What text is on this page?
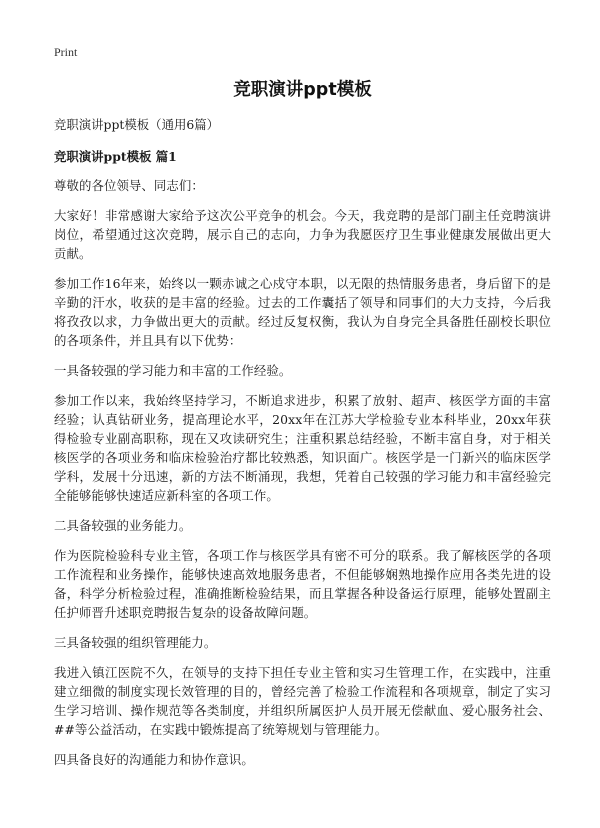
Print
竞职演讲ppt模板
竞职演讲ppt模板（通用6篇）
竞职演讲ppt模板 篇1

尊敬的各位领导、同志们：

大家好！非常感谢大家给予这次公平竞争的机会。今天，我竞聘的是部门副主任竞聘演讲岗位，希望通过这次竞聘，展示自己的志向，力争为我愿医疗卫生事业健康发展做出更大贡献。

参加工作16年来，始终以一颗赤诚之心戍守本职，以无限的热情服务患者，身后留下的是辛勤的汗水，收获的是丰富的经验。过去的工作囊括了领导和同事们的大力支持，今后我将孜孜以求，力争做出更大的贡献。经过反复权衡，我认为自身完全具备胜任副校长职位的各项条件，并且具有以下优势：

一具备较强的学习能力和丰富的工作经验。

参加工作以来，我始终坚持学习，不断追求进步，积累了放射、超声、核医学方面的丰富经验；认真钻研业务，提高理论水平，20xx年在江苏大学检验专业本科毕业，20xx年获得检验专业副高职称，现在又攻读研究生；注重积累总结经验，不断丰富自身，对于相关核医学的各项业务和临床检验治疗都比较熟悉，知识面广。核医学是一门新兴的临床医学学科，发展十分迅速，新的方法不断涌现，我想，凭着自己较强的学习能力和丰富经验完全能够能够快速适应新科室的各项工作。

二具备较强的业务能力。

作为医院检验科专业主管，各项工作与核医学具有密不可分的联系。我了解核医学的各项工作流程和业务操作，能够快速高效地服务患者，不但能够娴熟地操作应用各类先进的设备，科学分析检验过程，准确推断检验结果，而且掌握各种设备运行原理，能够处置副主任护师晋升述职竞聘报告复杂的设备故障问题。

三具备较强的组织管理能力。

我进入镇江医院不久，在领导的支持下担任专业主管和实习生管理工作，在实践中，注重建立细微的制度实现长效管理的目的，曾经完善了检验工作流程和各项规章，制定了实习生学习培训、操作规范等各类制度，并组织所属医护人员开展无偿献血、爱心服务社会、##等公益活动，在实践中锻炼提高了统筹规划与管理能力。

四具备良好的沟通能力和协作意识。
